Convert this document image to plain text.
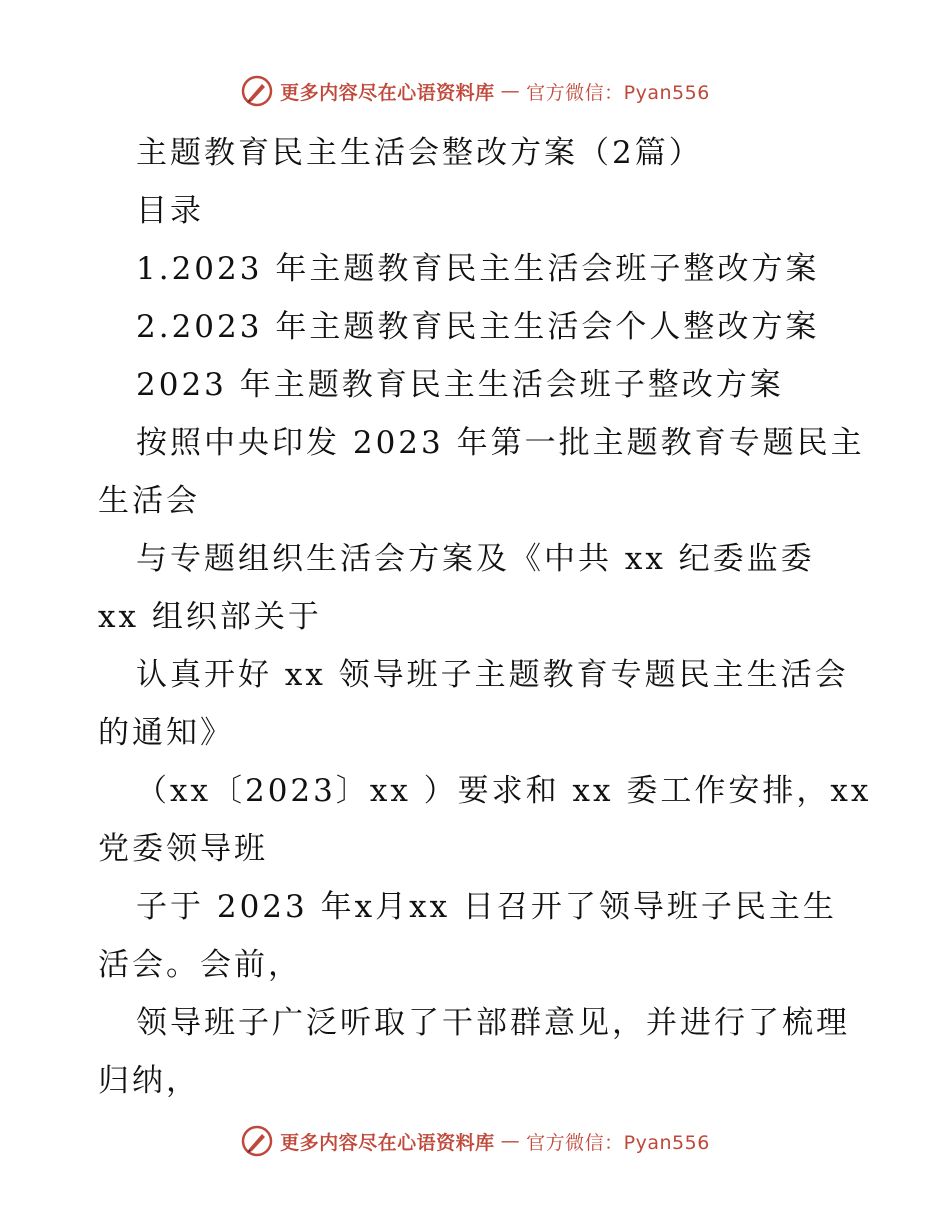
更多内容尽在心语资料库 — 官方微信：Pyan556
主题教育民主生活会整改方案（2篇）
目录
1.2023 年主题教育民主生活会班子整改方案
2.2023 年主题教育民主生活会个人整改方案
2023 年主题教育民主生活会班子整改方案
按照中央印发 2023 年第一批主题教育专题民主
生活会
与专题组织生活会方案及《中共 xx 纪委监委
xx 组织部关于
认真开好 xx 领导班子主题教育专题民主生活会
的通知》
（xx〔2023〕xx ）要求和 xx 委工作安排，xx
党委领导班
子于 2023 年x月xx 日召开了领导班子民主生
活会。会前，
领导班子广泛听取了干部群意见，并进行了梳理
归纳，
更多内容尽在心语资料库 — 官方微信：Pyan556
